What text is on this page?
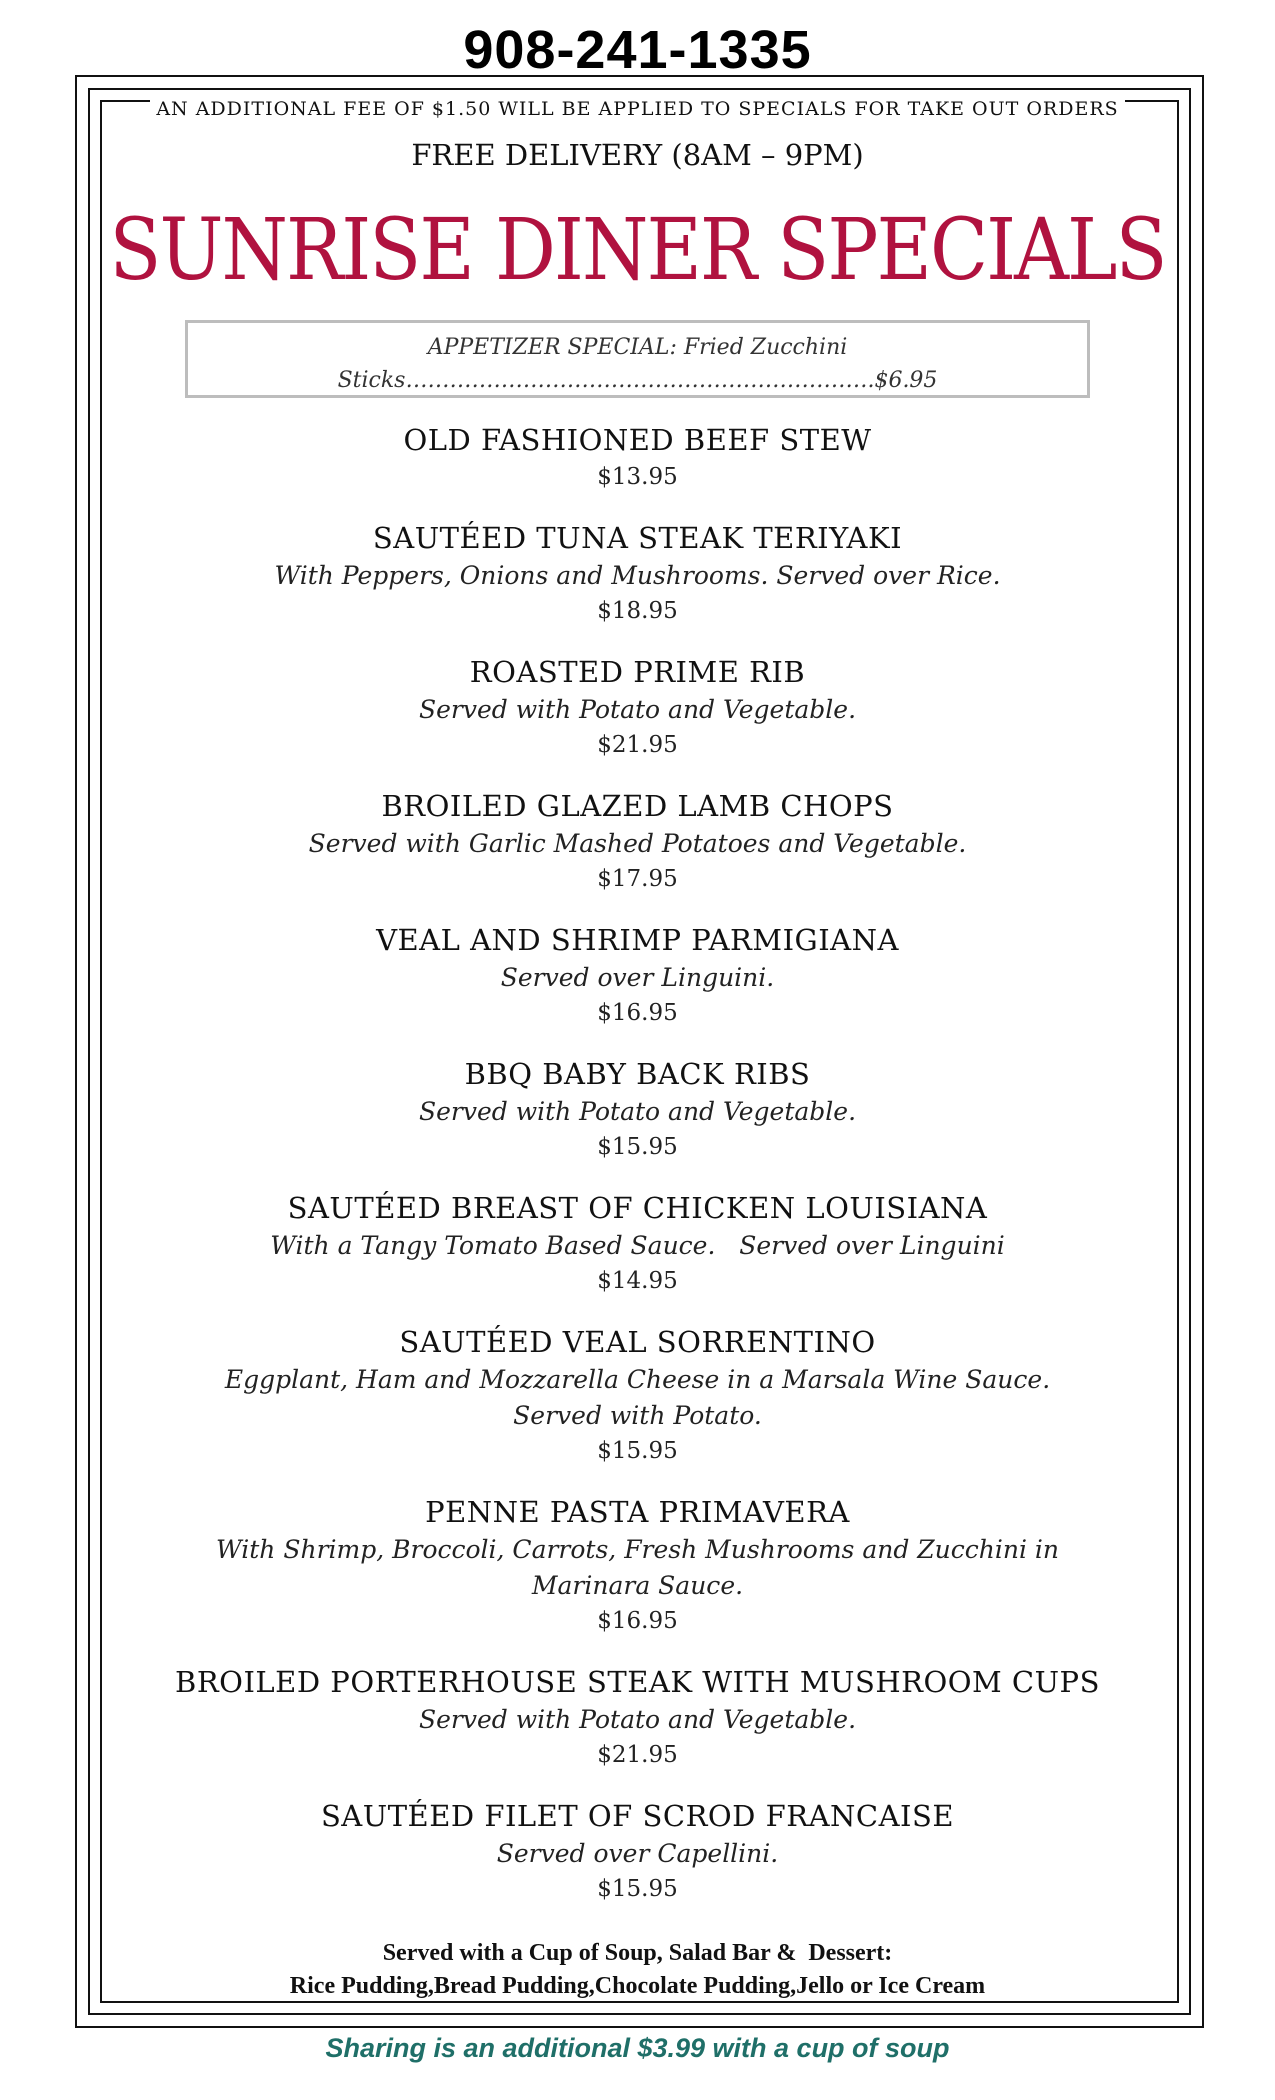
908-241-1335
AN ADDITIONAL FEE OF $1.50 WILL BE APPLIED TO SPECIALS FOR TAKE OUT ORDERS
FREE DELIVERY (8AM – 9PM)
SUNRISE DINER SPECIALS
APPETIZER SPECIAL: Fried Zucchini
Sticks……………………………………………………….$6.95
OLD FASHIONED BEEF STEW
$13.95
SAUTÉED TUNA STEAK TERIYAKI
With Peppers, Onions and Mushrooms. Served over Rice.
$18.95
ROASTED PRIME RIB
Served with Potato and Vegetable.
$21.95
BROILED GLAZED LAMB CHOPS
Served with Garlic Mashed Potatoes and Vegetable.
$17.95
VEAL AND SHRIMP PARMIGIANA
Served over Linguini.
$16.95
BBQ BABY BACK RIBS
Served with Potato and Vegetable.
$15.95
SAUTÉED BREAST OF CHICKEN LOUISIANA
With a Tangy Tomato Based Sauce.   Served over Linguini
$14.95
SAUTÉED VEAL SORRENTINO
Eggplant, Ham and Mozzarella Cheese in a Marsala Wine Sauce.
Served with Potato.
$15.95
PENNE PASTA PRIMAVERA
With Shrimp, Broccoli, Carrots, Fresh Mushrooms and Zucchini in
Marinara Sauce.
$16.95
BROILED PORTERHOUSE STEAK WITH MUSHROOM CUPS
Served with Potato and Vegetable.
$21.95
SAUTÉED FILET OF SCROD FRANCAISE
Served over Capellini.
$15.95
Served with a Cup of Soup, Salad Bar &  Dessert:
Rice Pudding,Bread Pudding,Chocolate Pudding,Jello or Ice Cream
Sharing is an additional $3.99 with a cup of soup
